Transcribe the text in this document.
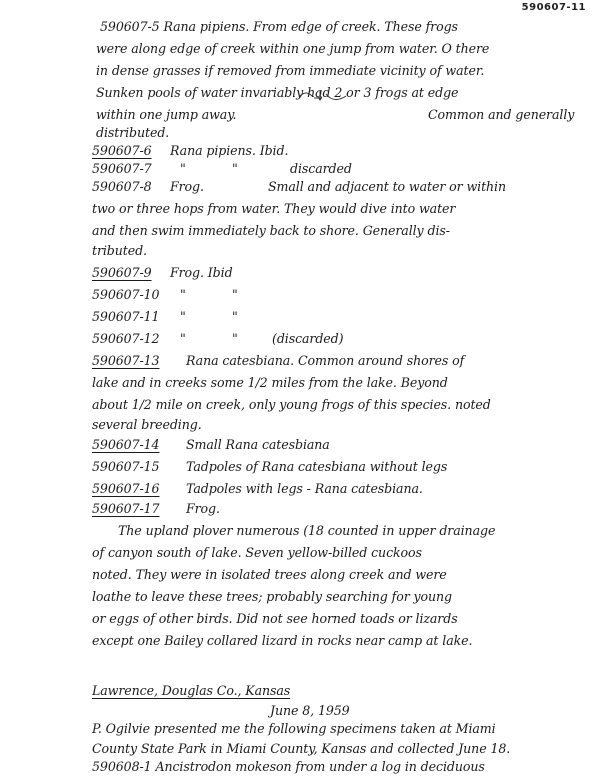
590607-11
590607-5 Rana pipiens. From edge of creek. These frogs
were along edge of creek within one jump from water. O there
in dense grasses if removed from immediate vicinity of water.
Sunken pools of water invariably had 2 or 3 frogs at edge
within one jump away.	Common and generally
distributed.
590607-6 Rana pipiens. Ibid.
590607-7 "	"	discarded
590607-8 Frog.	Small and adjacent to water or within
two or three hops from water. They would dive into water
and then swim immediately back to shore. Generally dis-
tributed.
590607-9 Frog. Ibid
590607-10 "	"
590607-11 "	"
590607-12 "	"	(discarded)
590607-13 Rana catesbiana. Common around shores of
lake and in creeks some 1/2 miles from the lake. Beyond
about 1/2 mile on creek, only young frogs of this species. noted
several breeding.
590607-14 Small Rana catesbiana
590607-15 Tadpoles of Rana catesbiana without legs
590607-16 Tadpoles with legs - Rana catesbiana.
590607-17 Frog.
The upland plover numerous (18 counted in upper drainage
of canyon south of lake. Seven yellow-billed cuckoos
noted. They were in isolated trees along creek and were
loathe to leave these trees; probably searching for young
or eggs of other birds. Did not see horned toads or lizards
except one Bailey collared lizard in rocks near camp at lake.
Lawrence, Douglas Co., Kansas
June 8, 1959
P. Ogilvie presented me the following specimens taken at Miami
County State Park in Miami County, Kansas and collected June 18.
590608-1 Ancistrodon mokeson from under a log in deciduous
